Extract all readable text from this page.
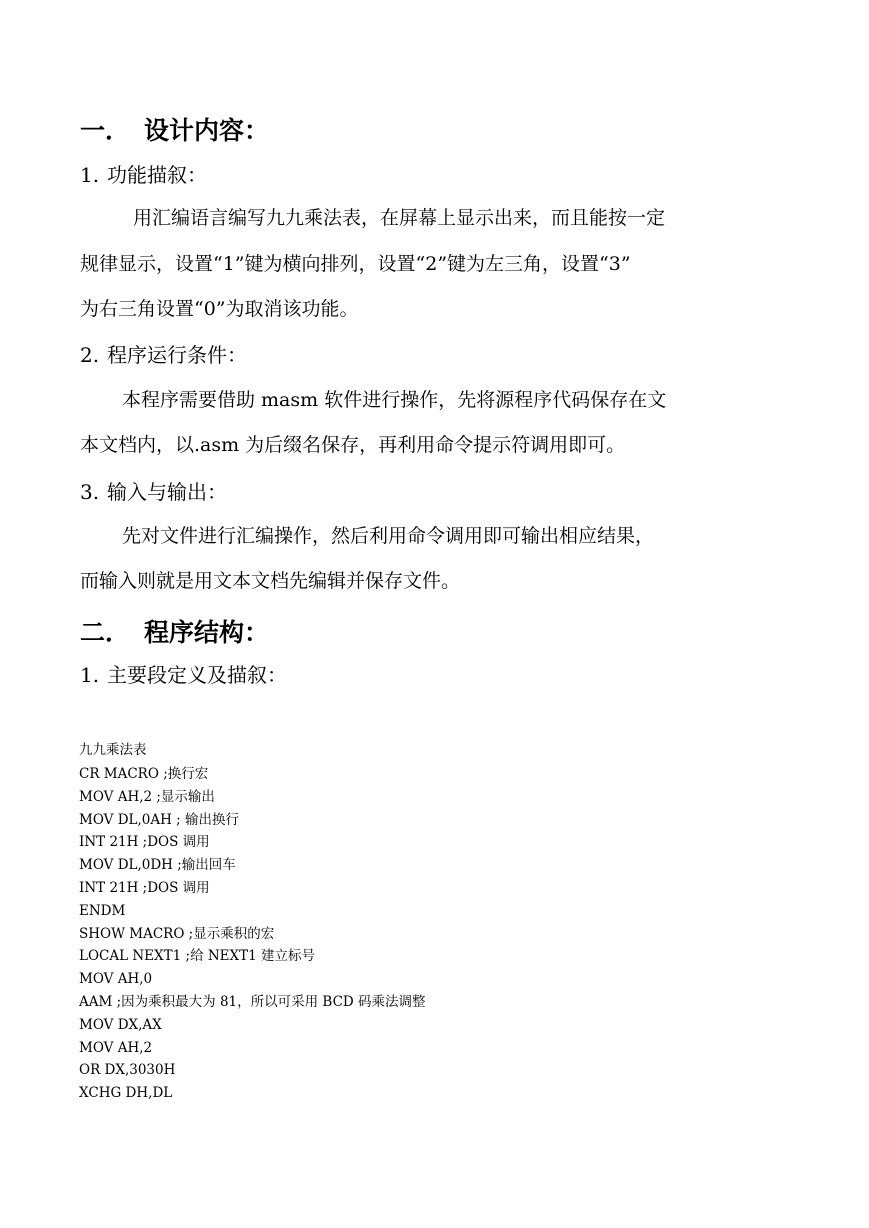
一． 设计内容：
1. 功能描叙：
用汇编语言编写九九乘法表，在屏幕上显示出来，而且能按一定
规律显示，设置“1”键为横向排列，设置“2”键为左三角，设置“3”
为右三角设置“0”为取消该功能。
2. 程序运行条件：
本程序需要借助 masm 软件进行操作，先将源程序代码保存在文
本文档内，以.asm 为后缀名保存，再利用命令提示符调用即可。
3. 输入与输出：
先对文件进行汇编操作，然后利用命令调用即可输出相应结果，
而输入则就是用文本文档先编辑并保存文件。
二． 程序结构：
1. 主要段定义及描叙：
九九乘法表
CR MACRO ;换行宏
MOV AH,2 ;显示输出
MOV DL,0AH ; 输出换行
INT 21H ;DOS 调用
MOV DL,0DH ;输出回车
INT 21H ;DOS 调用
ENDM
SHOW MACRO ;显示乘积的宏
LOCAL NEXT1 ;给 NEXT1 建立标号
MOV AH,0
AAM ;因为乘积最大为 81，所以可采用 BCD 码乘法调整
MOV DX,AX
MOV AH,2
OR DX,3030H
XCHG DH,DL
